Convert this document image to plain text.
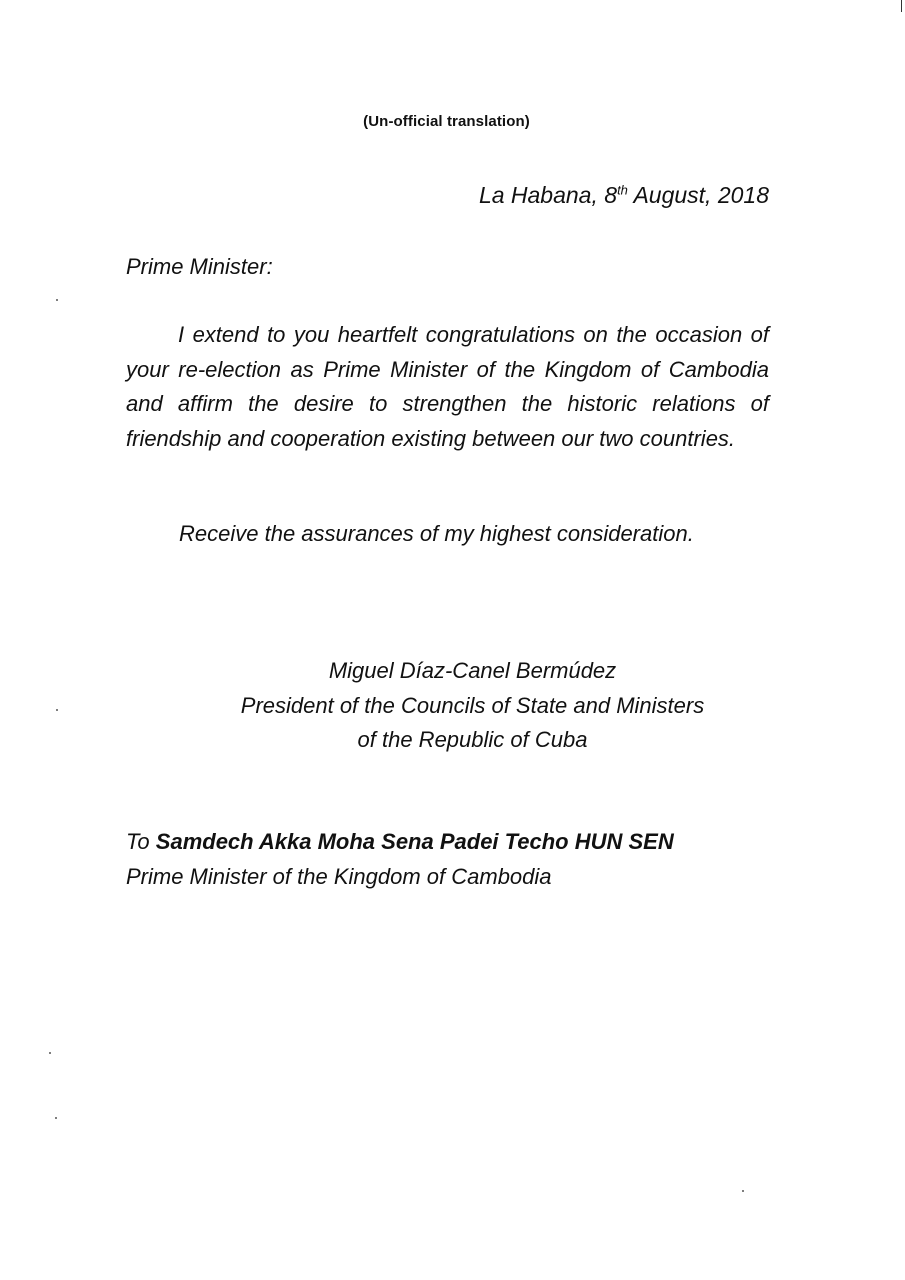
(Un-official translation)
La Habana, 8th August, 2018
Prime Minister:
I extend to you heartfelt congratulations on the occasion of your re-election as Prime Minister of the Kingdom of Cambodia and affirm the desire to strengthen the historic relations of friendship and cooperation existing between our two countries.
Receive the assurances of my highest consideration.
Miguel Díaz-Canel Bermúdez
President of the Councils of State and Ministers
of the Republic of Cuba
To Samdech Akka Moha Sena Padei Techo HUN SEN
Prime Minister of the Kingdom of Cambodia
